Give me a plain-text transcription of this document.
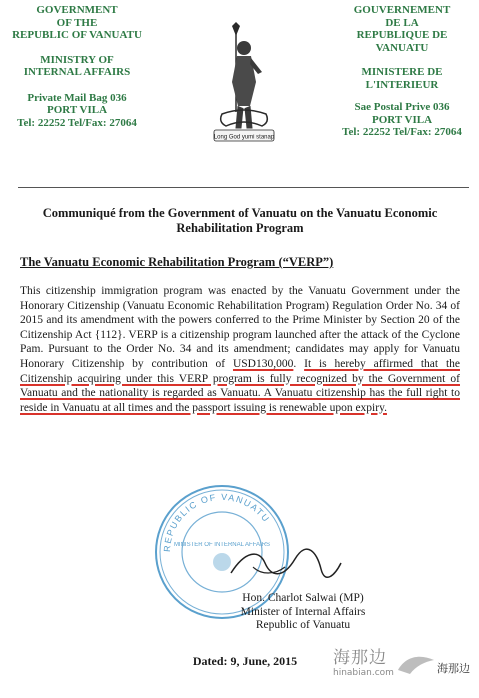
GOVERNMENT
OF THE
REPUBLIC OF VANUATU
MINISTRY OF
INTERNAL AFFAIRS
Private Mail Bag 036
PORT VILA
Tel: 22252 Tel/Fax: 27064
Long God yumi stanap
GOUVERNEMENT
DE LA
REPUBLIQUE DE
VANUATU
MINISTERE DE
L'INTERIEUR
Sae Postal Prive 036
PORT VILA
Tel: 22252 Tel/Fax: 27064
Communiqué from the Government of Vanuatu on the Vanuatu Economic
Rehabilitation Program
The Vanuatu Economic Rehabilitation Program (“VERP”)
This citizenship immigration program was enacted by the Vanuatu Government under the Honorary Citizenship (Vanuatu Economic Rehabilitation Program) Regulation Order No. 34 of 2015 and its amendment with the powers conferred to the Prime Minister by Section 20 of the Citizenship Act {112}. VERP is a citizenship program launched after the attack of the Cyclone Pam. Pursuant to the Order No. 34 and its amendment; candidates may apply for Vanuatu Honorary Citizenship by contribution of USD130,000. It is hereby affirmed that the Citizenship acquiring under this VERP program is fully recognized by the Government of Vanuatu and the nationality is regarded as Vanuatu. A Vanuatu citizenship has the full right to reside in Vanuatu at all times and the passport issuing is renewable upon expiry.
REPUBLIC OF VANUATU
MINISTER OF INTERNAL AFFAIRS
Hon. Charlot Salwai (MP)
Minister of Internal Affairs
Republic of Vanuatu
Dated: 9, June, 2015	海那边
hinabian.com	海那边
